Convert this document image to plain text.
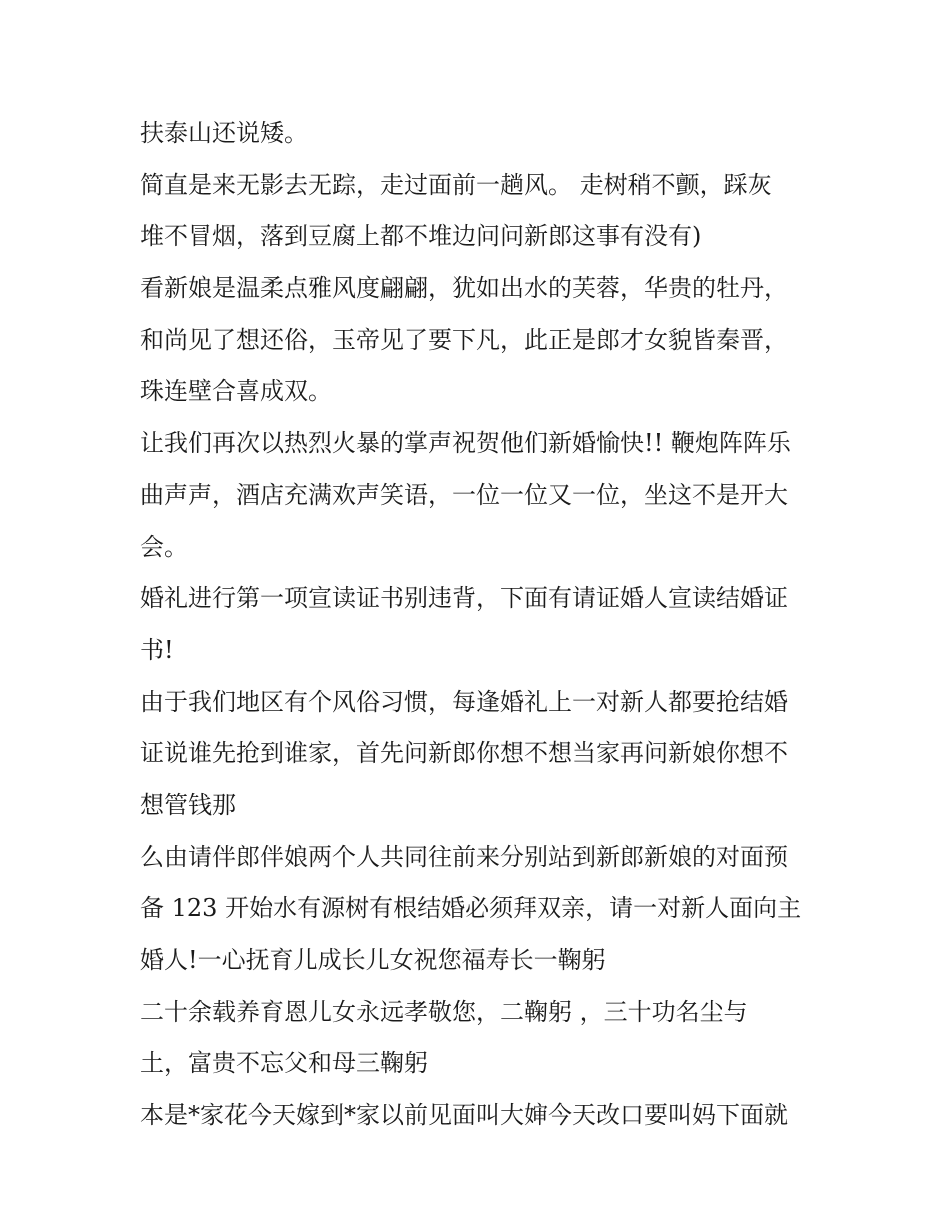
扶泰山还说矮。
简直是来无影去无踪，走过面前一趟风。 走树稍不颤，踩灰
堆不冒烟，落到豆腐上都不堆边问问新郎这事有没有)
看新娘是温柔点雅风度翩翩，犹如出水的芙蓉，华贵的牡丹，
和尚见了想还俗，玉帝见了要下凡，此正是郎才女貌皆秦晋，
珠连壁合喜成双。
让我们再次以热烈火暴的掌声祝贺他们新婚愉快!! 鞭炮阵阵乐
曲声声，酒店充满欢声笑语，一位一位又一位，坐这不是开大
会。
婚礼进行第一项宣读证书别违背，下面有请证婚人宣读结婚证
书!
由于我们地区有个风俗习惯，每逢婚礼上一对新人都要抢结婚
证说谁先抢到谁家，首先问新郎你想不想当家再问新娘你想不
想管钱那
么由请伴郎伴娘两个人共同往前来分别站到新郎新娘的对面预
备 123 开始水有源树有根结婚必须拜双亲，请一对新人面向主
婚人!一心抚育儿成长儿女祝您福寿长一鞠躬
二十余载养育恩儿女永远孝敬您，二鞠躬 ，三十功名尘与
土，富贵不忘父和母三鞠躬
本是*家花今天嫁到*家以前见面叫大婶今天改口要叫妈下面就
